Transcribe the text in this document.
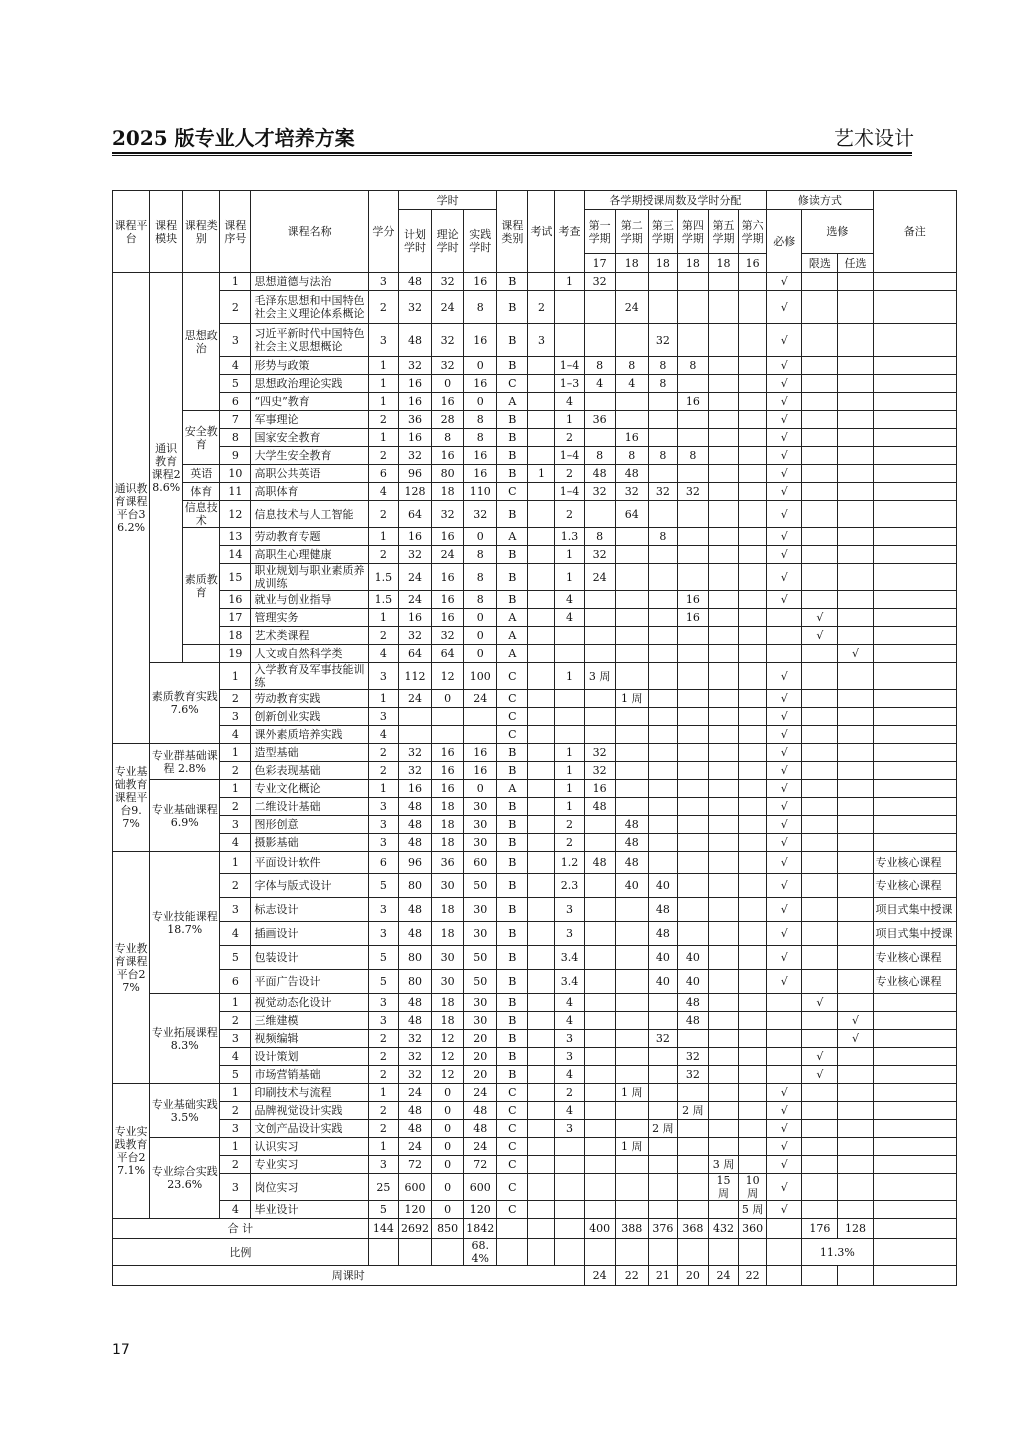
2025 版专业人才培养方案	艺术设计
课程平台	课程模块	课程类别	课程序号	课程名称	学分	学时			课程类别	考试	考查	各学期授课周数及学时分配						修读方式			备注
						计划学时	理论学时	实践学时				第一学期	第二学期	第三学期	第四学期	第五学期	第六学期	必修	选修		
												17	18	18	18	18	16		限选	任选	
通识教育课程平台36.2%	通识教育课程28.6%	思想政治	1	思想道德与法治	3	48	32	16	B		1	32						√			
			2	毛泽东思想和中国特色社会主义理论体系概论	2	32	24	8	B	2			24					√			
			3	习近平新时代中国特色社会主义思想概论	3	48	32	16	B	3				32				√			
			4	形势与政策	1	32	32	0	B		1–4	8	8	8	8			√			
			5	思想政治理论实践	1	16	0	16	C		1–3	4	4	8				√			
			6	“四史”教育	1	16	16	0	A		4				16			√			
		安全教育	7	军事理论	2	36	28	8	B		1	36						√			
			8	国家安全教育	1	16	8	8	B		2		16					√			
			9	大学生安全教育	2	32	16	16	B		1–4	8	8	8	8			√			
		英语	10	高职公共英语	6	96	80	16	B	1	2	48	48					√			
		体育	11	高职体育	4	128	18	110	C		1–4	32	32	32	32			√			
		信息技术	12	信息技术与人工智能	2	64	32	32	B		2		64					√			
		素质教育	13	劳动教育专题	1	16	16	0	A		1.3	8		8				√			
			14	高职生心理健康	2	32	24	8	B		1	32						√			
			15	职业规划与职业素质养成训练	1.5	24	16	8	B		1	24						√			
			16	就业与创业指导	1.5	24	16	8	B		4				16			√			
			17	管理实务	1	16	16	0	A		4				16				√		
			18	艺术类课程	2	32	32	0	A										√		
			19	人文或自然科学类	4	64	64	0	A											√	
	素质教育实践 7.6%		1	入学教育及军事技能训练	3	112	12	100	C		1	3 周						√			
			2	劳动教育实践	1	24	0	24	C				1 周					√			
			3	创新创业实践	3				C									√			
			4	课外素质培养实践	4				C									√			
专业基础教育课程平台9.7%	专业群基础课程 2.8%		1	造型基础	2	32	16	16	B		1	32						√			
			2	色彩表现基础	2	32	16	16	B		1	32						√			
	专业基础课程 6.9%		1	专业文化概论	1	16	16	0	A		1	16						√			
			2	二维设计基础	3	48	18	30	B		1	48						√			
			3	图形创意	3	48	18	30	B		2		48					√			
			4	摄影基础	3	48	18	30	B		2		48					√			
专业教育课程平台27%	专业技能课程 18.7%		1	平面设计软件	6	96	36	60	B		1.2	48	48					√			专业核心课程
			2	字体与版式设计	5	80	30	50	B		2.3		40	40				√			专业核心课程
			3	标志设计	3	48	18	30	B		3			48				√			项目式集中授课
			4	插画设计	3	48	18	30	B		3			48				√			项目式集中授课
			5	包装设计	5	80	30	50	B		3.4			40	40			√			专业核心课程
			6	平面广告设计	5	80	30	50	B		3.4			40	40			√			专业核心课程
	专业拓展课程 8.3%		1	视觉动态化设计	3	48	18	30	B		4				48				√		
			2	三维建模	3	48	18	30	B		4				48					√	
			3	视频编辑	2	32	12	20	B		3			32						√	
			4	设计策划	2	32	12	20	B		3				32				√		
			5	市场营销基础	2	32	12	20	B		4				32				√		
专业实践教育平台27.1%	专业基础实践 3.5%		1	印刷技术与流程	1	24	0	24	C		2		1 周					√			
			2	品牌视觉设计实践	2	48	0	48	C		4				2 周			√			
			3	文创产品设计实践	2	48	0	48	C		3			2 周				√			
	专业综合实践 23.6%		1	认识实习	1	24	0	24	C				1 周					√			
			2	专业实习	3	72	0	72	C							3 周		√			
			3	岗位实习	25	600	0	600	C							15 周	10 周	√			
			4	毕业设计	5	120	0	120	C								5 周	√			
合 计					144	2692	850	1842				400	388	376	368	432	360		176	128	
比例								68.4%											11.3%		
周课时												24	22	21	20	24	22				
17
